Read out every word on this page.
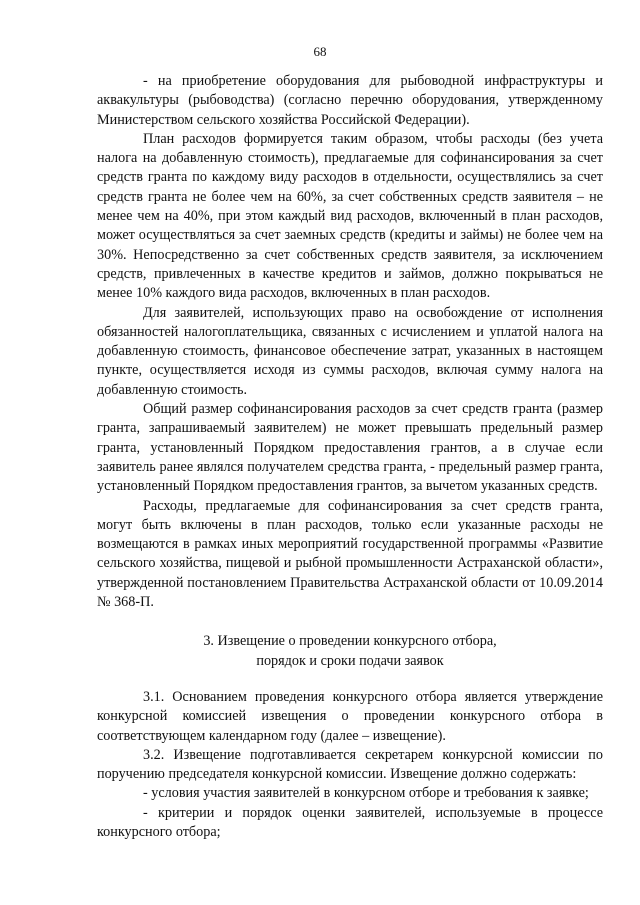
68

- на приобретение оборудования для рыбоводной инфраструктуры и аквакультуры (рыбоводства) (согласно перечню оборудования, утвержденному Министерством сельского хозяйства Российской Федерации).

План расходов формируется таким образом, чтобы расходы (без учета налога на добавленную стоимость), предлагаемые для софинансирования за счет средств гранта по каждому виду расходов в отдельности, осуществлялись за счет средств гранта не более чем на 60%, за счет собственных средств заявителя – не менее чем на 40%, при этом каждый вид расходов, включенный в план расходов, может осуществляться за счет заемных средств (кредиты и займы) не более чем на 30%. Непосредственно за счет собственных средств заявителя, за исключением средств, привлеченных в качестве кредитов и займов, должно покрываться не менее 10% каждого вида расходов, включенных в план расходов.

Для заявителей, использующих право на освобождение от исполнения обязанностей налогоплательщика, связанных с исчислением и уплатой налога на добавленную стоимость, финансовое обеспечение затрат, указанных в настоящем пункте, осуществляется исходя из суммы расходов, включая сумму налога на добавленную стоимость.

Общий размер софинансирования расходов за счет средств гранта (размер гранта, запрашиваемый заявителем) не может превышать предельный размер гранта, установленный Порядком предоставления грантов, а в случае если заявитель ранее являлся получателем средства гранта, - предельный размер гранта, установленный Порядком предоставления грантов, за вычетом указанных средств.

Расходы, предлагаемые для софинансирования за счет средств гранта, могут быть включены в план расходов, только если указанные расходы не возмещаются в рамках иных мероприятий государственной программы «Развитие сельского хозяйства, пищевой и рыбной промышленности Астраханской области», утвержденной постановлением Правительства Астраханской области от 10.09.2014 № 368-П.

3. Извещение о проведении конкурсного отбора,
порядок и сроки подачи заявок

3.1. Основанием проведения конкурсного отбора является утверждение конкурсной комиссией извещения о проведении конкурсного отбора в соответствующем календарном году (далее – извещение).

3.2. Извещение подготавливается секретарем конкурсной комиссии по поручению председателя конкурсной комиссии. Извещение должно содержать:

- условия участия заявителей в конкурсном отборе и требования к заявке;

- критерии и порядок оценки заявителей, используемые в процессе конкурсного отбора;
